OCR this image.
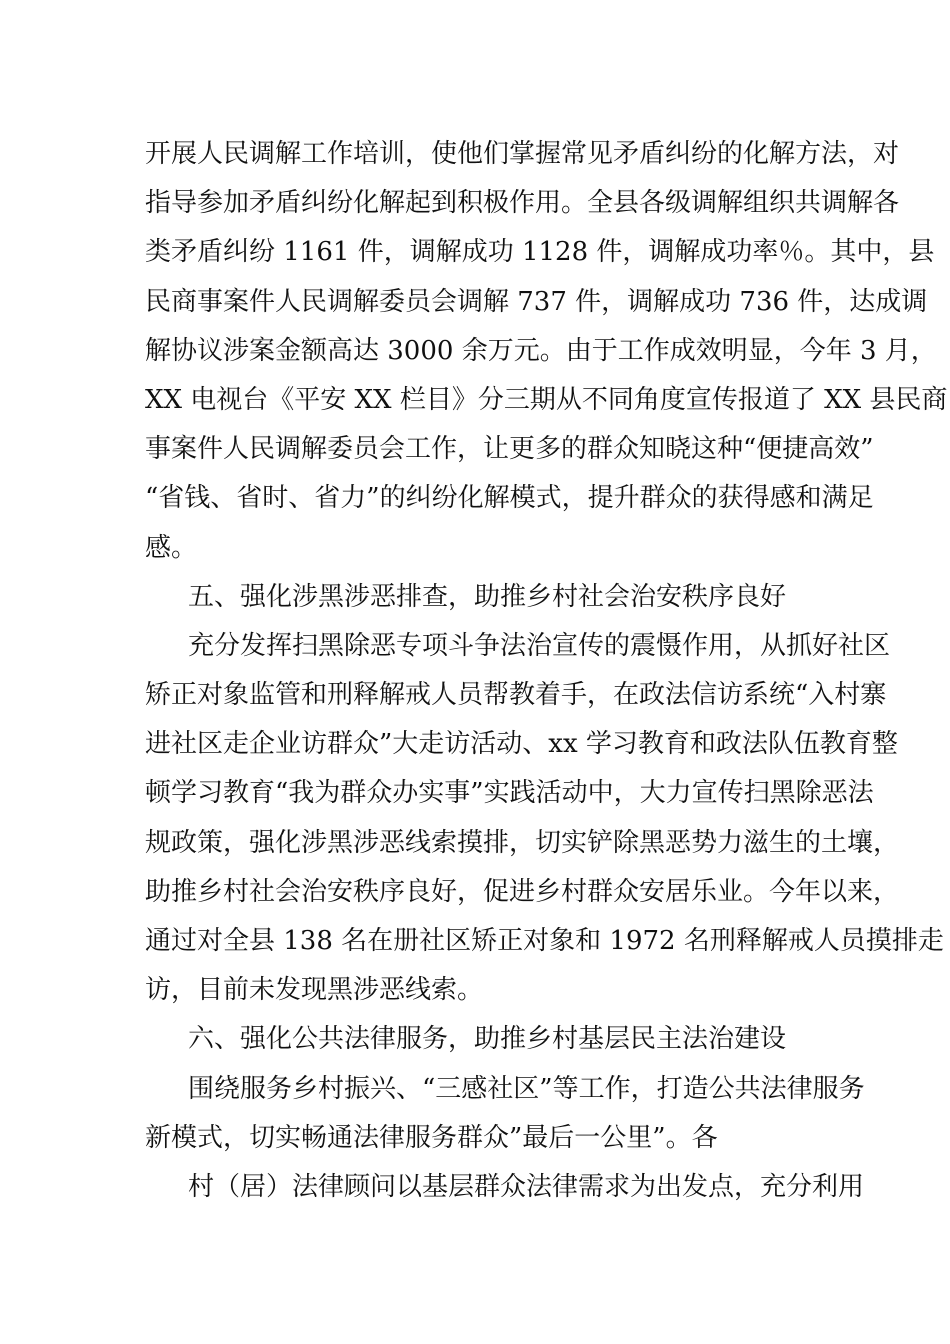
开展人民调解工作培训，使他们掌握常见矛盾纠纷的化解方法，对
指导参加矛盾纠纷化解起到积极作用。全县各级调解组织共调解各
类矛盾纠纷 1161 件，调解成功 1128 件，调解成功率％。其中，县
民商事案件人民调解委员会调解 737 件，调解成功 736 件，达成调
解协议涉案金额高达 3000 余万元。由于工作成效明显，今年 3 月，
XX 电视台《平安 XX 栏目》分三期从不同角度宣传报道了 XX 县民商
事案件人民调解委员会工作，让更多的群众知晓这种“便捷高效”
“省钱、省时、省力”的纠纷化解模式，提升群众的获得感和满足
感。
五、强化涉黑涉恶排查，助推乡村社会治安秩序良好
充分发挥扫黑除恶专项斗争法治宣传的震慑作用，从抓好社区
矫正对象监管和刑释解戒人员帮教着手，在政法信访系统“入村寨
进社区走企业访群众”大走访活动、xx 学习教育和政法队伍教育整
顿学习教育“我为群众办实事”实践活动中，大力宣传扫黑除恶法
规政策，强化涉黑涉恶线索摸排，切实铲除黑恶势力滋生的土壤，
助推乡村社会治安秩序良好，促进乡村群众安居乐业。今年以来，
通过对全县 138 名在册社区矫正对象和 1972 名刑释解戒人员摸排走
访，目前未发现黑涉恶线索。
六、强化公共法律服务，助推乡村基层民主法治建设
围绕服务乡村振兴、“三感社区”等工作，打造公共法律服务
新模式，切实畅通法律服务群众”最后一公里”。各
村（居）法律顾问以基层群众法律需求为出发点，充分利用
